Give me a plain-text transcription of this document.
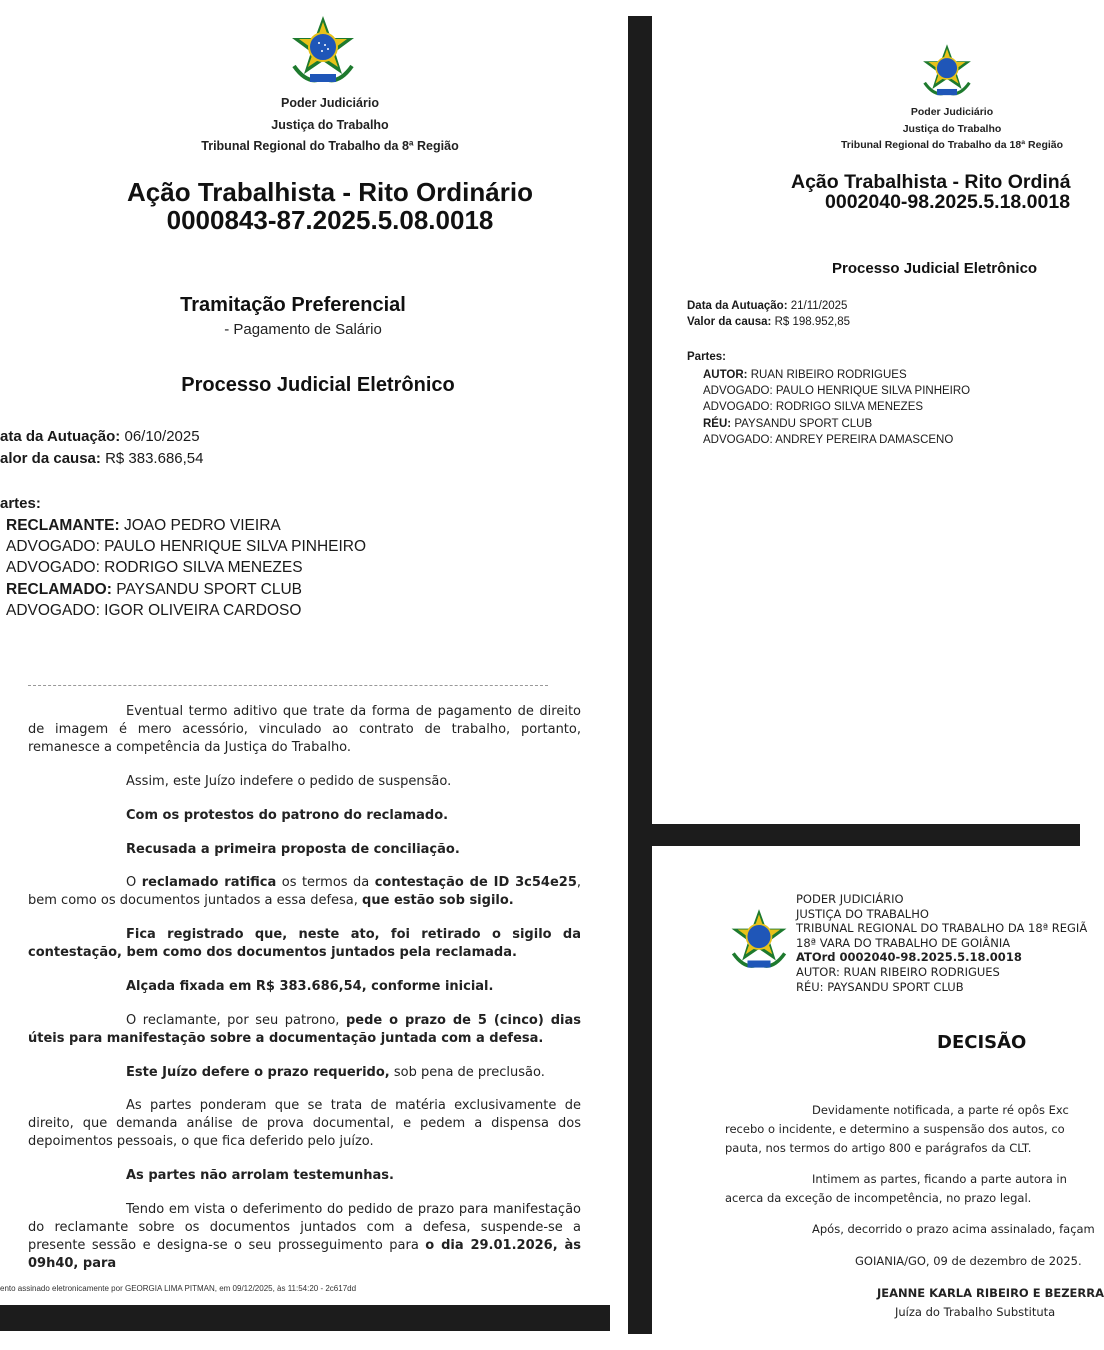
Poder Judiciário
Justiça do Trabalho
Tribunal Regional do Trabalho da 8ª Região
Ação Trabalhista - Rito Ordinário
0000843-87.2025.5.08.0018
Tramitação Preferencial
- Pagamento de Salário
Processo Judicial Eletrônico
ata da Autuação: 06/10/2025
alor da causa: R$ 383.686,54
artes:
RECLAMANTE: JOAO PEDRO VIEIRA
ADVOGADO: PAULO HENRIQUE SILVA PINHEIRO
ADVOGADO: RODRIGO SILVA MENEZES
RECLAMADO: PAYSANDU SPORT CLUB
ADVOGADO: IGOR OLIVEIRA CARDOSO
Eventual termo aditivo que trate da forma de pagamento de direito de imagem é mero acessório, vinculado ao contrato de trabalho, portanto, remanesce a competência da Justiça do Trabalho.
Assim, este Juízo indefere o pedido de suspensão.
Com os protestos do patrono do reclamado.
Recusada a primeira proposta de conciliação.
O reclamado ratifica os termos da contestação de ID 3c54e25, bem como os documentos juntados a essa defesa, que estão sob sigilo.
Fica registrado que, neste ato, foi retirado o sigilo da contestação, bem como dos documentos juntados pela reclamada.
Alçada fixada em R$ 383.686,54, conforme inicial.
O reclamante, por seu patrono, pede o prazo de 5 (cinco) dias úteis para manifestação sobre a documentação juntada com a defesa.
Este Juízo defere o prazo requerido, sob pena de preclusão.
As partes ponderam que se trata de matéria exclusivamente de direito, que demanda análise de prova documental, e pedem a dispensa dos depoimentos pessoais, o que fica deferido pelo juízo.
As partes não arrolam testemunhas.
Tendo em vista o deferimento do pedido de prazo para manifestação do reclamante sobre os documentos juntados com a defesa, suspende-se a presente sessão e designa-se o seu prosseguimento para o dia 29.01.2026, às 09h40, para
ento assinado eletronicamente por GEORGIA LIMA PITMAN, em 09/12/2025, às 11:54:20 - 2c617dd
Poder Judiciário
Justiça do Trabalho
Tribunal Regional do Trabalho da 18ª Região
Ação Trabalhista - Rito Ordiná
0002040-98.2025.5.18.0018
Processo Judicial Eletrônico
Data da Autuação: 21/11/2025
Valor da causa: R$ 198.952,85
Partes:
AUTOR: RUAN RIBEIRO RODRIGUES
ADVOGADO: PAULO HENRIQUE SILVA PINHEIRO
ADVOGADO: RODRIGO SILVA MENEZES
RÉU: PAYSANDU SPORT CLUB
ADVOGADO: ANDREY PEREIRA DAMASCENO
PODER JUDICIÁRIO
JUSTIÇA DO TRABALHO
TRIBUNAL REGIONAL DO TRABALHO DA 18ª REGIÃ
18ª VARA DO TRABALHO DE GOIÂNIA
ATOrd 0002040-98.2025.5.18.0018
AUTOR: RUAN RIBEIRO RODRIGUES
RÉU: PAYSANDU SPORT CLUB
DECISÃO
Devidamente notificada, a parte ré opôs Exc
recebo o incidente, e determino a suspensão dos autos, co
pauta, nos termos do artigo 800 e parágrafos da CLT.
Intimem as partes, ficando a parte autora in
acerca da exceção de incompetência, no prazo legal.
Após, decorrido o prazo acima assinalado, façam
GOIANIA/GO, 09 de dezembro de 2025.
JEANNE KARLA RIBEIRO E BEZERRA
Juíza do Trabalho Substituta
